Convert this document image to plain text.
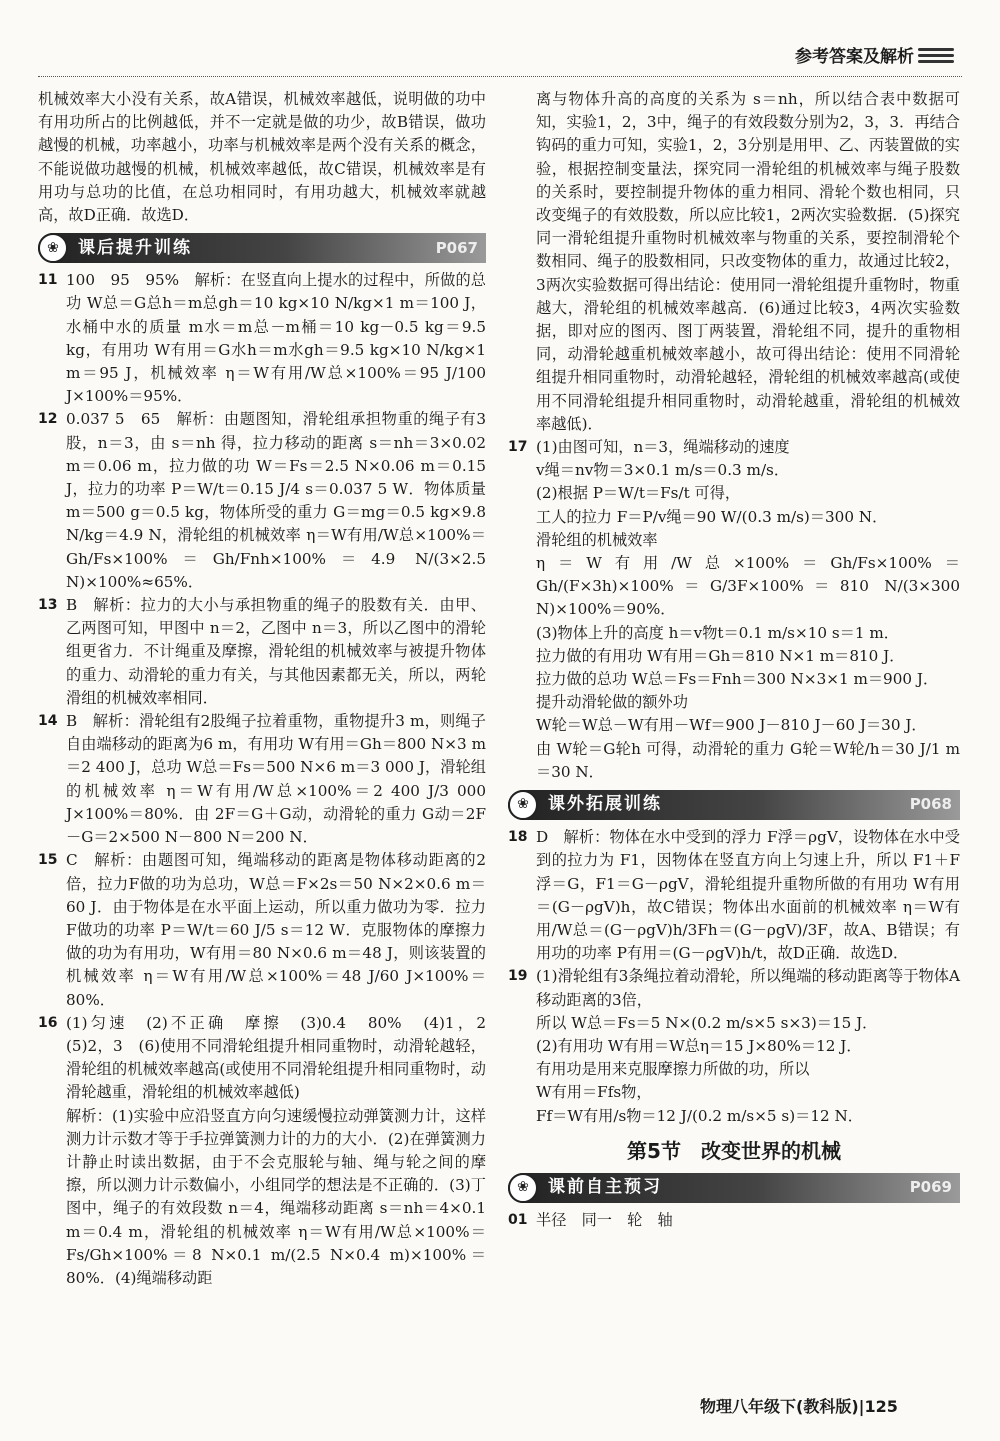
参考答案及解析

机械效率大小没有关系，故A错误，机械效率越低，说明做的功中有用功所占的比例越低，并不一定就是做的功少，故B错误，做功越慢的机械，功率越小，功率与机械效率是两个没有关系的概念，不能说做功越慢的机械，机械效率越低，故C错误，机械效率是有用功与总功的比值，在总功相同时，有用功越大，机械效率就越高，故D正确．故选D．

❀	课后提升训练	P067
11 100　95　95%　解析：在竖直向上提水的过程中，所做的总功 W总＝G总h＝m总gh＝10 kg×10 N/kg×1 m＝100 J，水桶中水的质量 m水＝m总－m桶＝10 kg－0.5 kg＝9.5 kg，有用功 W有用＝G水h＝m水gh＝9.5 kg×10 N/kg×1 m＝95 J，机械效率 η＝W有用/W总×100%＝95 J/100 J×100%＝95%．
12 0.037 5　65　解析：由题图知，滑轮组承担物重的绳子有3股，n＝3，由 s＝nh 得，拉力移动的距离 s＝nh＝3×0.02 m＝0.06 m，拉力做的功 W＝Fs＝2.5 N×0.06 m＝0.15 J，拉力的功率 P＝W/t＝0.15 J/4 s＝0.037 5 W．物体质量 m＝500 g＝0.5 kg，物体所受的重力 G＝mg＝0.5 kg×9.8 N/kg＝4.9 N，滑轮组的机械效率 η＝W有用/W总×100%＝Gh/Fs×100%＝Gh/Fnh×100%＝4.9 N/(3×2.5 N)×100%≈65%．
13 B　解析：拉力的大小与承担物重的绳子的股数有关．由甲、乙两图可知，甲图中 n＝2，乙图中 n＝3，所以乙图中的滑轮组更省力．不计绳重及摩擦，滑轮组的机械效率与被提升物体的重力、动滑轮的重力有关，与其他因素都无关，所以，两轮滑组的机械效率相同．
14 B　解析：滑轮组有2股绳子拉着重物，重物提升3 m，则绳子自由端移动的距离为6 m，有用功 W有用＝Gh＝800 N×3 m＝2 400 J，总功 W总＝Fs＝500 N×6 m＝3 000 J，滑轮组的机械效率 η＝W有用/W总×100%＝2 400 J/3 000 J×100%＝80%．由 2F＝G＋G动，动滑轮的重力 G动＝2F－G＝2×500 N－800 N＝200 N．
15 C　解析：由题图可知，绳端移动的距离是物体移动距离的2倍，拉力F做的功为总功，W总＝F×2s＝50 N×2×0.6 m＝60 J．由于物体是在水平面上运动，所以重力做功为零．拉力F做功的功率 P＝W/t＝60 J/5 s＝12 W．克服物体的摩擦力做的功为有用功，W有用＝80 N×0.6 m＝48 J，则该装置的机械效率 η＝W有用/W总×100%＝48 J/60 J×100%＝80%．
16 (1)匀速　(2)不正确　摩擦　(3)0.4　80%　(4)1，2　(5)2，3　(6)使用不同滑轮组提升相同重物时，动滑轮越轻，滑轮组的机械效率越高(或使用不同滑轮组提升相同重物时，动滑轮越重，滑轮组的机械效率越低)
解析：(1)实验中应沿竖直方向匀速缓慢拉动弹簧测力计，这样测力计示数才等于手拉弹簧测力计的力的大小．(2)在弹簧测力计静止时读出数据，由于不会克服轮与轴、绳与轮之间的摩擦，所以测力计示数偏小，小组同学的想法是不正确的．(3)丁图中，绳子的有效段数 n＝4，绳端移动距离 s＝nh＝4×0.1 m＝0.4 m，滑轮组的机械效率 η＝W有用/W总×100%＝Fs/Gh×100%＝8 N×0.1 m/(2.5 N×0.4 m)×100%＝80%．(4)绳端移动距

离与物体升高的高度的关系为 s＝nh，所以结合表中数据可知，实验1，2，3中，绳子的有效段数分别为2，3，3．再结合钩码的重力可知，实验1，2，3分别是用甲、乙、丙装置做的实验，根据控制变量法，探究同一滑轮组的机械效率与绳子股数的关系时，要控制提升物体的重力相同、滑轮个数也相同，只改变绳子的有效股数，所以应比较1，2两次实验数据．(5)探究同一滑轮组提升重物时机械效率与物重的关系，要控制滑轮个数相同、绳子的股数相同，只改变物体的重力，故通过比较2，3两次实验数据可得出结论：使用同一滑轮组提升重物时，物重越大，滑轮组的机械效率越高．(6)通过比较3，4两次实验数据，即对应的图丙、图丁两装置，滑轮组不同，提升的重物相同，动滑轮越重机械效率越小，故可得出结论：使用不同滑轮组提升相同重物时，动滑轮越轻，滑轮组的机械效率越高(或使用不同滑轮组提升相同重物时，动滑轮越重，滑轮组的机械效率越低)．

17 (1)由图可知，n＝3，绳端移动的速度
v绳＝nv物＝3×0.1 m/s＝0.3 m/s．
(2)根据 P＝W/t＝Fs/t 可得，
工人的拉力 F＝P/v绳＝90 W/(0.3 m/s)＝300 N．
滑轮组的机械效率
η＝W有用/W总×100%＝Gh/Fs×100%＝Gh/(F×3h)×100%＝G/3F×100%＝810 N/(3×300 N)×100%＝90%．
(3)物体上升的高度 h＝v物t＝0.1 m/s×10 s＝1 m．
拉力做的有用功 W有用＝Gh＝810 N×1 m＝810 J．
拉力做的总功 W总＝Fs＝Fnh＝300 N×3×1 m＝900 J．
提升动滑轮做的额外功
W轮＝W总－W有用－Wf＝900 J－810 J－60 J＝30 J．
由 W轮＝G轮h 可得，动滑轮的重力 G轮＝W轮/h＝30 J/1 m＝30 N．
❀	课外拓展训练	P068
18 D　解析：物体在水中受到的浮力 F浮＝ρgV，设物体在水中受到的拉力为 F1，因物体在竖直方向上匀速上升，所以 F1＋F浮＝G，F1＝G－ρgV，滑轮组提升重物所做的有用功 W有用＝(G－ρgV)h，故C错误；物体出水面前的机械效率 η＝W有用/W总＝(G－ρgV)h/3Fh＝(G－ρgV)/3F，故A、B错误；有用功的功率 P有用＝(G－ρgV)h/t，故D正确．故选D．
19 (1)滑轮组有3条绳拉着动滑轮，所以绳端的移动距离等于物体A移动距离的3倍，
所以 W总＝Fs＝5 N×(0.2 m/s×5 s×3)＝15 J．
(2)有用功 W有用＝W总η＝15 J×80%＝12 J．
有用功是用来克服摩擦力所做的功，所以
W有用＝Ffs物，
Ff＝W有用/s物＝12 J/(0.2 m/s×5 s)＝12 N．
第5节　改变世界的机械
❀	课前自主预习	P069
01 半径　同一　轮　轴
物理八年级下(教科版)|125
